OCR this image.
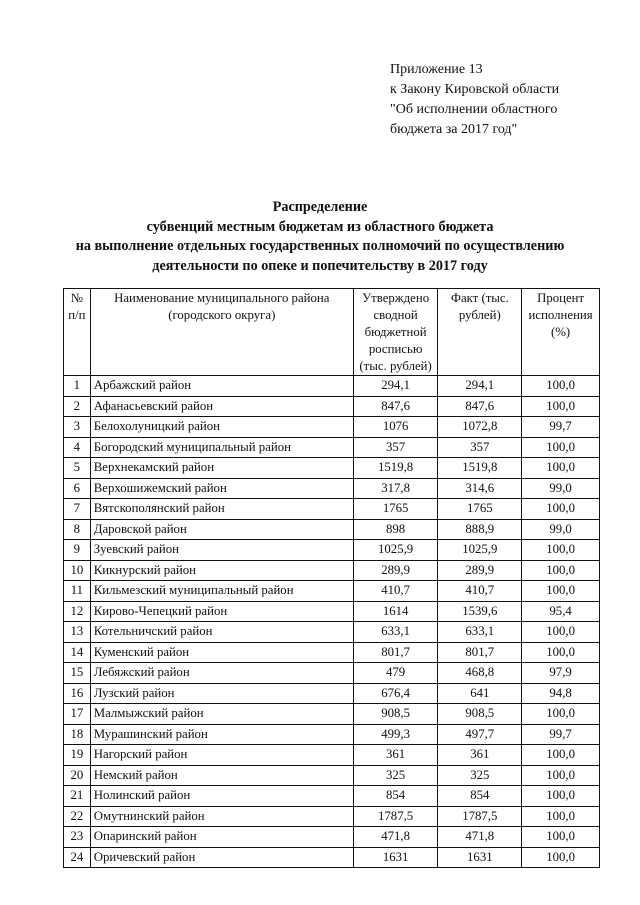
Приложение 13
к Закону Кировской области
"Об исполнении областного
бюджета за 2017 год"
Распределение
субвенций местным бюджетам из областного бюджета
на выполнение отдельных государственных полномочий по осуществлению
деятельности по опеке и попечительству в 2017 году
№ п/п	Наименование муниципального района (городского округа)	Утверждено сводной бюджетной росписью (тыс. рублей)	Факт (тыс. рублей)	Процент исполнения (%)
1	Арбажский район	294,1	294,1	100,0
2	Афанасьевский район	847,6	847,6	100,0
3	Белохолуницкий район	1076	1072,8	99,7
4	Богородский муниципальный район	357	357	100,0
5	Верхнекамский район	1519,8	1519,8	100,0
6	Верхошижемский район	317,8	314,6	99,0
7	Вятскополянский район	1765	1765	100,0
8	Даровской район	898	888,9	99,0
9	Зуевский район	1025,9	1025,9	100,0
10	Кикнурский район	289,9	289,9	100,0
11	Кильмезский муниципальный район	410,7	410,7	100,0
12	Кирово-Чепецкий район	1614	1539,6	95,4
13	Котельничский район	633,1	633,1	100,0
14	Куменский район	801,7	801,7	100,0
15	Лебяжский район	479	468,8	97,9
16	Лузский район	676,4	641	94,8
17	Малмыжский район	908,5	908,5	100,0
18	Мурашинский район	499,3	497,7	99,7
19	Нагорский район	361	361	100,0
20	Немский район	325	325	100,0
21	Нолинский район	854	854	100,0
22	Омутнинский район	1787,5	1787,5	100,0
23	Опаринский район	471,8	471,8	100,0
24	Оричевский район	1631	1631	100,0
